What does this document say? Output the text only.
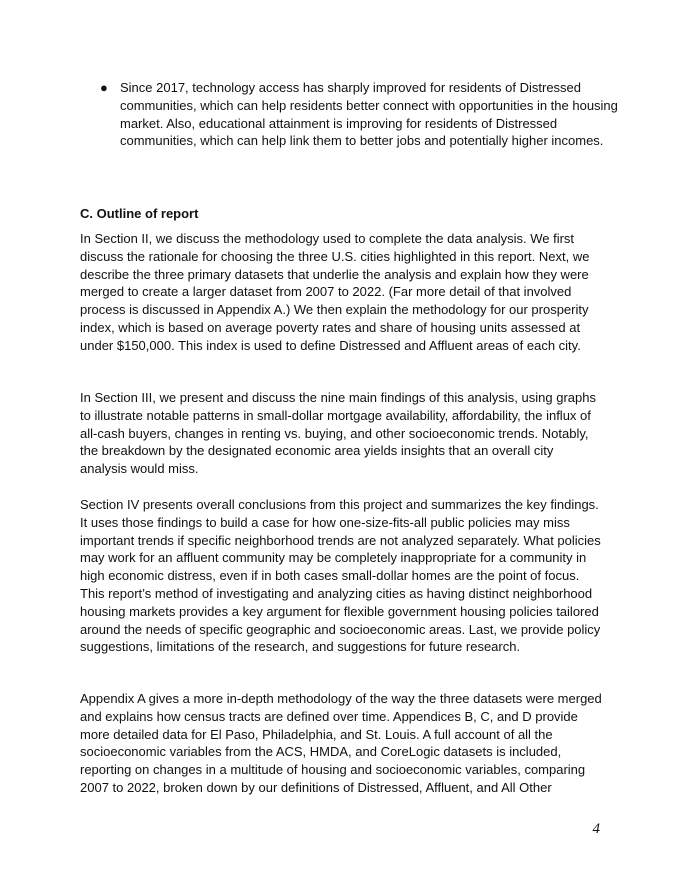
● Since 2017, technology access has sharply improved for residents of Distressed communities, which can help residents better connect with opportunities in the housing market. Also, educational attainment is improving for residents of Distressed communities, which can help link them to better jobs and potentially higher incomes.

C. Outline of report

In Section II, we discuss the methodology used to complete the data analysis. We first discuss the rationale for choosing the three U.S. cities highlighted in this report. Next, we describe the three primary datasets that underlie the analysis and explain how they were merged to create a larger dataset from 2007 to 2022. (Far more detail of that involved process is discussed in Appendix A.) We then explain the methodology for our prosperity index, which is based on average poverty rates and share of housing units assessed at under $150,000. This index is used to define Distressed and Affluent areas of each city.

In Section III, we present and discuss the nine main findings of this analysis, using graphs to illustrate notable patterns in small-dollar mortgage availability, affordability, the influx of all-cash buyers, changes in renting vs. buying, and other socioeconomic trends. Notably, the breakdown by the designated economic area yields insights that an overall city analysis would miss.

Section IV presents overall conclusions from this project and summarizes the key findings. It uses those findings to build a case for how one-size-fits-all public policies may miss important trends if specific neighborhood trends are not analyzed separately. What policies may work for an affluent community may be completely inappropriate for a community in high economic distress, even if in both cases small-dollar homes are the point of focus. This report’s method of investigating and analyzing cities as having distinct neighborhood housing markets provides a key argument for flexible government housing policies tailored around the needs of specific geographic and socioeconomic areas. Last, we provide policy suggestions, limitations of the research, and suggestions for future research.

Appendix A gives a more in-depth methodology of the way the three datasets were merged and explains how census tracts are defined over time. Appendices B, C, and D provide more detailed data for El Paso, Philadelphia, and St. Louis. A full account of all the socioeconomic variables from the ACS, HMDA, and CoreLogic datasets is included, reporting on changes in a multitude of housing and socioeconomic variables, comparing 2007 to 2022, broken down by our definitions of Distressed, Affluent, and All Other

4
